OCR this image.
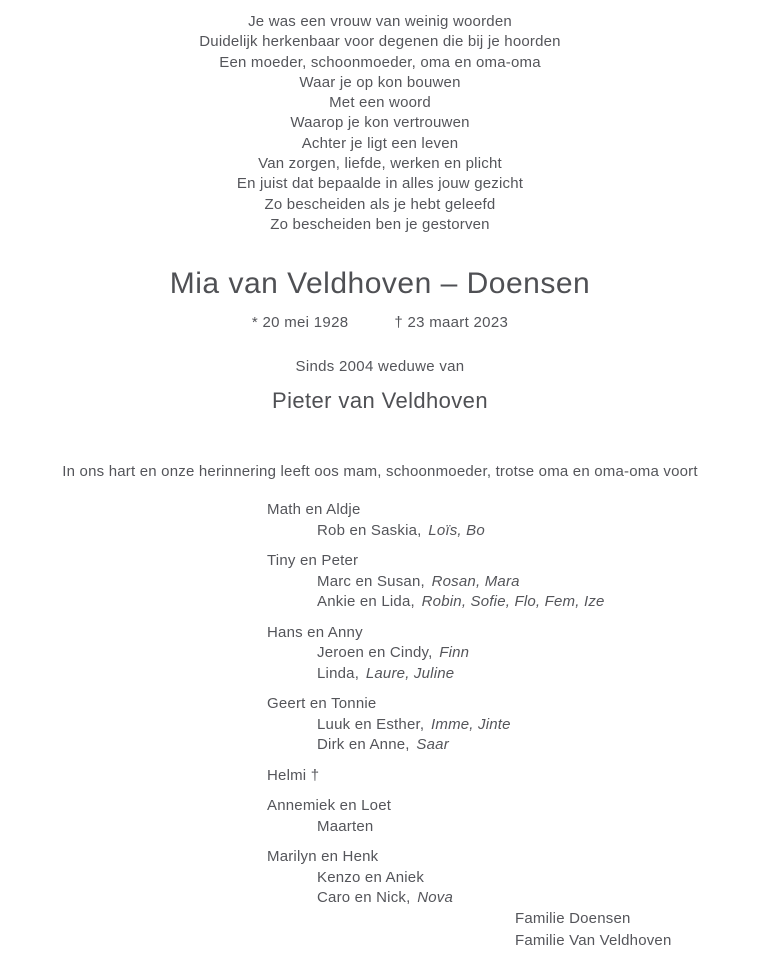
Je was een vrouw van weinig woorden
Duidelijk herkenbaar voor degenen die bij je hoorden
Een moeder, schoonmoeder, oma en oma-oma
Waar je op kon bouwen
Met een woord
Waarop je kon vertrouwen
Achter je ligt een leven
Van zorgen, liefde, werken en plicht
En juist dat bepaalde in alles jouw gezicht
Zo bescheiden als je hebt geleefd
Zo bescheiden ben je gestorven
Mia van Veldhoven – Doensen
* 20 mei 1928	† 23 maart 2023
Sinds 2004 weduwe van
Pieter van Veldhoven
In ons hart en onze herinnering leeft oos mam, schoonmoeder, trotse oma en oma-oma voort
Math en Aldje
Rob en Saskia, Loïs, Bo
Tiny en Peter
Marc en Susan, Rosan, Mara
Ankie en Lida, Robin, Sofie, Flo, Fem, Ize
Hans en Anny
Jeroen en Cindy, Finn
Linda, Laure, Juline
Geert en Tonnie
Luuk en Esther, Imme, Jinte
Dirk en Anne, Saar
Helmi †
Annemiek en Loet
Maarten
Marilyn en Henk
Kenzo en Aniek
Caro en Nick, Nova
Familie Doensen
Familie Van Veldhoven
